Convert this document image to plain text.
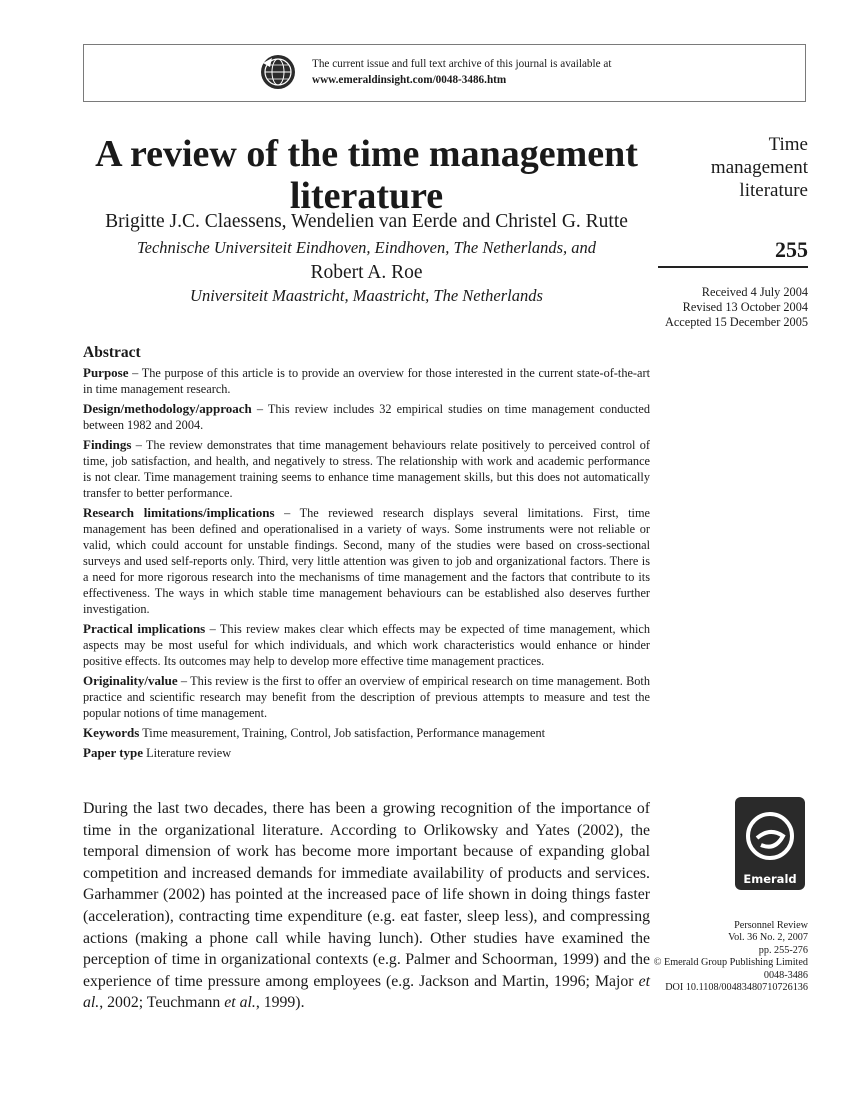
The current issue and full text archive of this journal is available at
www.emeraldinsight.com/0048-3486.htm
A review of the time management
literature
Brigitte J.C. Claessens, Wendelien van Eerde and Christel G. Rutte
Technische Universiteit Eindhoven, Eindhoven, The Netherlands, and
Robert A. Roe
Universiteit Maastricht, Maastricht, The Netherlands
Time
management
literature
255
Received 4 July 2004
Revised 13 October 2004
Accepted 15 December 2005
Abstract

Purpose – The purpose of this article is to provide an overview for those interested in the current state-of-the-art in time management research.

Design/methodology/approach – This review includes 32 empirical studies on time management conducted between 1982 and 2004.

Findings – The review demonstrates that time management behaviours relate positively to perceived control of time, job satisfaction, and health, and negatively to stress. The relationship with work and academic performance is not clear. Time management training seems to enhance time management skills, but this does not automatically transfer to better performance.

Research limitations/implications – The reviewed research displays several limitations. First, time management has been defined and operationalised in a variety of ways. Some instruments were not reliable or valid, which could account for unstable findings. Second, many of the studies were based on cross-sectional surveys and used self-reports only. Third, very little attention was given to job and organizational factors. There is a need for more rigorous research into the mechanisms of time management and the factors that contribute to its effectiveness. The ways in which stable time management behaviours can be established also deserves further investigation.

Practical implications – This review makes clear which effects may be expected of time management, which aspects may be most useful for which individuals, and which work characteristics would enhance or hinder positive effects. Its outcomes may help to develop more effective time management practices.

Originality/value – This review is the first to offer an overview of empirical research on time management. Both practice and scientific research may benefit from the description of previous attempts to measure and test the popular notions of time management.

Keywords Time measurement, Training, Control, Job satisfaction, Performance management

Paper type Literature review

During the last two decades, there has been a growing recognition of the importance of time in the organizational literature. According to Orlikowsky and Yates (2002), the temporal dimension of work has become more important because of expanding global competition and increased demands for immediate availability of products and services. Garhammer (2002) has pointed at the increased pace of life shown in doing things faster (acceleration), contracting time expenditure (e.g. eat faster, sleep less), and compressing actions (making a phone call while having lunch). Other studies have examined the perception of time in organizational contexts (e.g. Palmer and Schoorman, 1999) and the experience of time pressure among employees (e.g. Jackson and Martin, 1996; Major et al., 2002; Teuchmann et al., 1999).

Emerald
Personnel Review
Vol. 36 No. 2, 2007
pp. 255-276
© Emerald Group Publishing Limited
0048-3486
DOI 10.1108/00483480710726136
